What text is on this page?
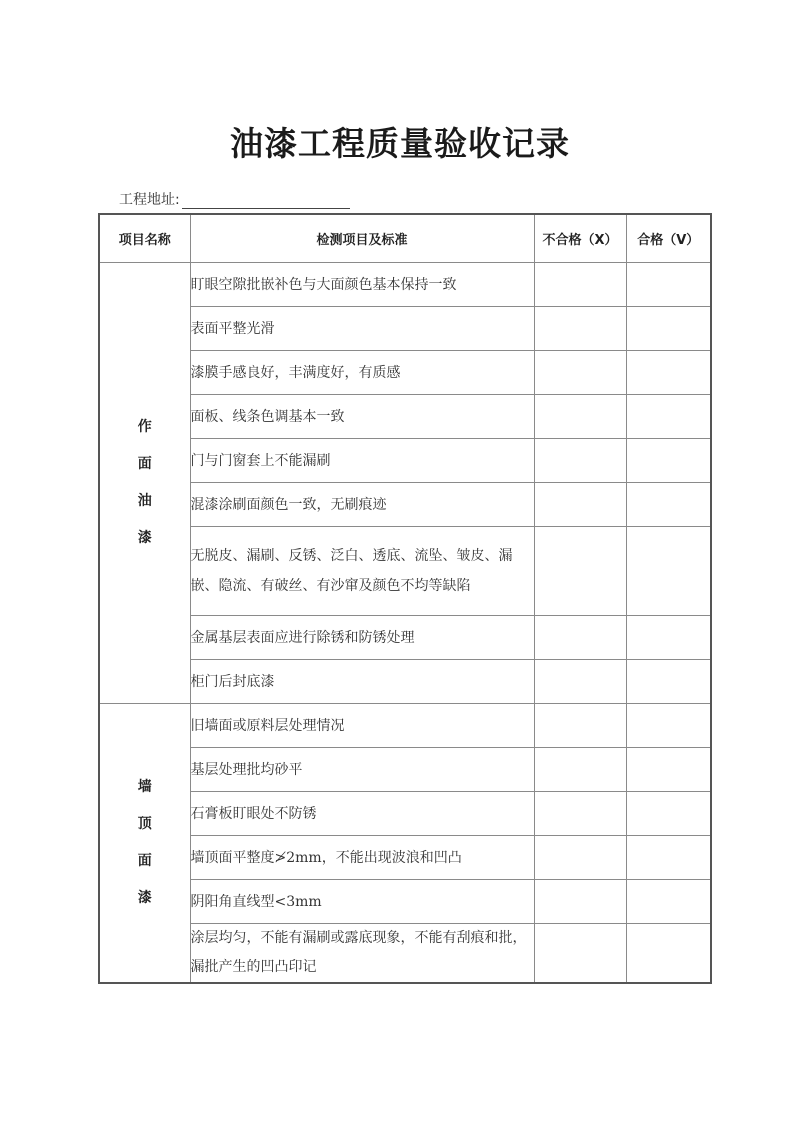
油漆工程质量验收记录
工程地址:
项目名称	检测项目及标准	不合格（X）	合格（V）

作
面
油
漆	盯眼空隙批嵌补色与大面颜色基本保持一致		
	表面平整光滑		
	漆膜手感良好，丰满度好，有质感		
	面板、线条色调基本一致		
	门与门窗套上不能漏刷		
	混漆涂刷面颜色一致，无刷痕迹		
	无脱皮、漏刷、反锈、泛白、透底、流坠、皱皮、漏嵌、隐流、有破丝、有沙窜及颜色不均等缺陷		
	金属基层表面应进行除锈和防锈处理		
	柜门后封底漆		

墙
顶
面
漆	旧墙面或原料层处理情况		
	基层处理批均砂平		
	石膏板盯眼处不防锈		
	墙顶面平整度≯2mm，不能出现波浪和凹凸		
	阴阳角直线型<3mm		
	涂层均匀，不能有漏刷或露底现象，不能有刮痕和批，漏批产生的凹凸印记		
